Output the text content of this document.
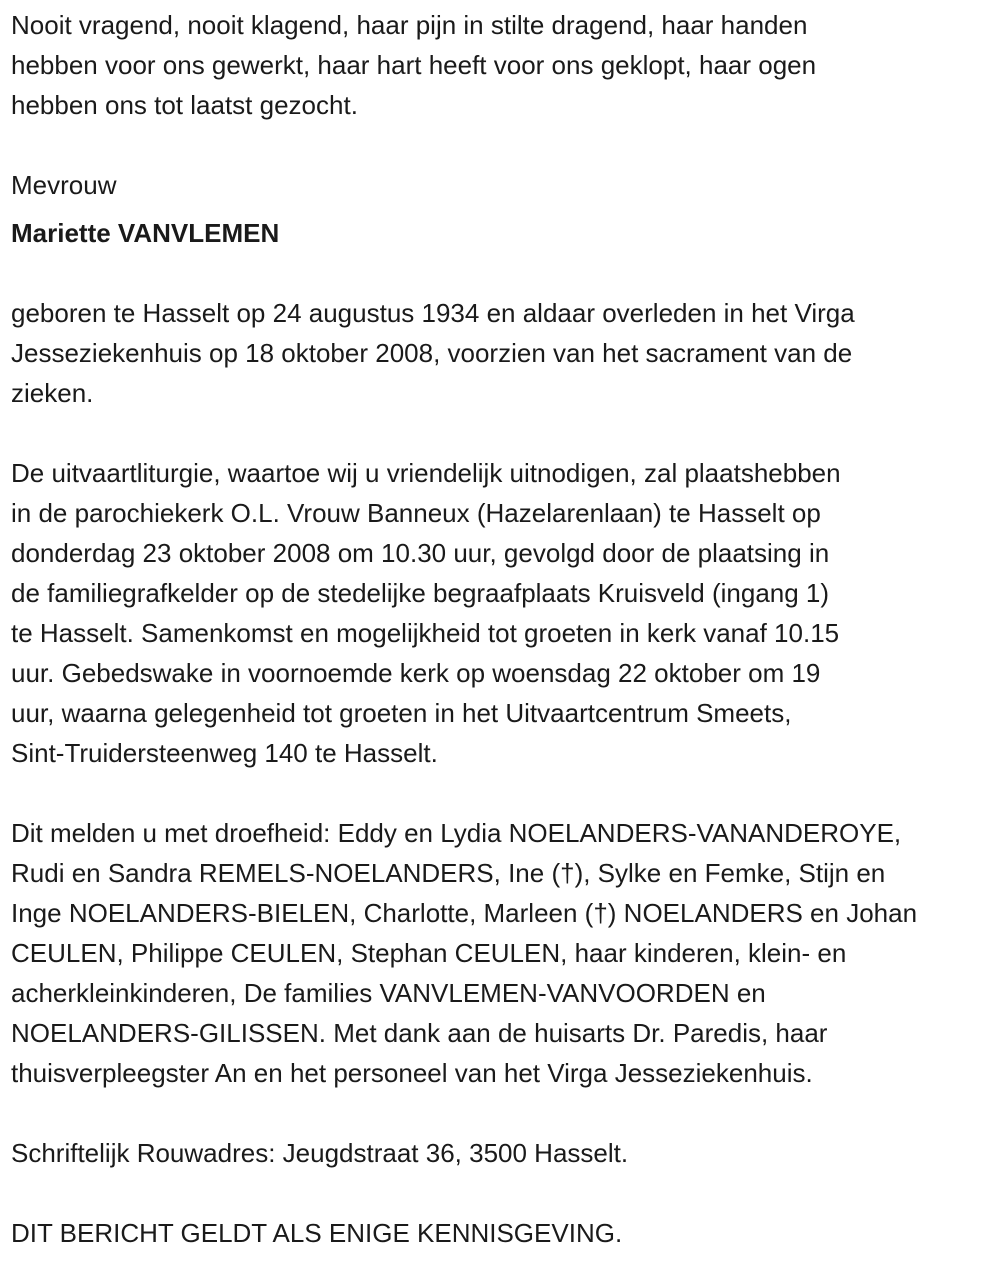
Nooit vragend, nooit klagend, haar pijn in stilte dragend, haar handen
hebben voor ons gewerkt, haar hart heeft voor ons geklopt, haar ogen
hebben ons tot laatst gezocht.
Mevrouw
Mariette VANVLEMEN
geboren te Hasselt op 24 augustus 1934 en aldaar overleden in het Virga
Jesseziekenhuis op 18 oktober 2008, voorzien van het sacrament van de
zieken.
De uitvaartliturgie, waartoe wij u vriendelijk uitnodigen, zal plaatshebben
in de parochiekerk O.L. Vrouw Banneux (Hazelarenlaan) te Hasselt op
donderdag 23 oktober 2008 om 10.30 uur, gevolgd door de plaatsing in
de familiegrafkelder op de stedelijke begraafplaats Kruisveld (ingang 1)
te Hasselt. Samenkomst en mogelijkheid tot groeten in kerk vanaf 10.15
uur. Gebedswake in voornoemde kerk op woensdag 22 oktober om 19
uur, waarna gelegenheid tot groeten in het Uitvaartcentrum Smeets,
Sint-Truidersteenweg 140 te Hasselt.
Dit melden u met droefheid: Eddy en Lydia NOELANDERS-VANANDEROYE,
Rudi en Sandra REMELS-NOELANDERS, Ine (†), Sylke en Femke, Stijn en
Inge NOELANDERS-BIELEN, Charlotte, Marleen (†) NOELANDERS en Johan
CEULEN, Philippe CEULEN, Stephan CEULEN, haar kinderen, klein- en
acherkleinkinderen, De families VANVLEMEN-VANVOORDEN en
NOELANDERS-GILISSEN. Met dank aan de huisarts Dr. Paredis, haar
thuisverpleegster An en het personeel van het Virga Jesseziekenhuis.
Schriftelijk Rouwadres: Jeugdstraat 36, 3500 Hasselt.
DIT BERICHT GELDT ALS ENIGE KENNISGEVING.
